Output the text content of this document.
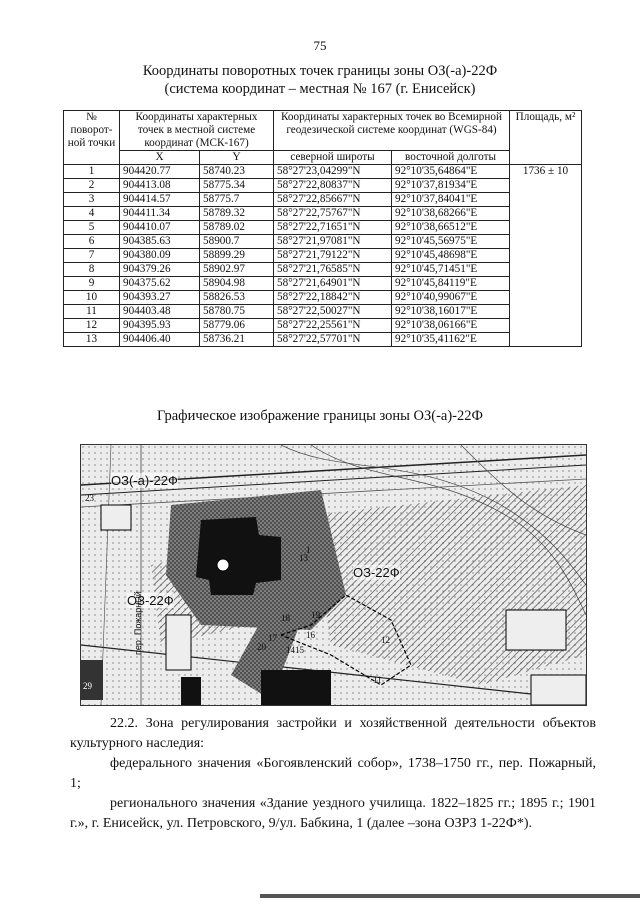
75
Координаты поворотных точек границы зоны ОЗ(-а)-22Ф
(система координат – местная № 167 (г. Енисейск)
№ поворот- ной точки	Координаты характерных точек в местной системе координат (МСК-167)		Координаты характерных точек во Всемирной геодезической системе координат (WGS-84)		Площадь, м²
	X	Y	северной широты	восточной долготы	
1	904420.77	58740.23	58°27'23,04299"N	92°10'35,64864"E	1736 ± 10
2	904413.08	58775.34	58°27'22,80837"N	92°10'37,81934"E	
3	904414.57	58775.7	58°27'22,85667"N	92°10'37,84041"E	
4	904411.34	58789.32	58°27'22,75767"N	92°10'38,68266"E	
5	904410.07	58789.02	58°27'22,71651"N	92°10'38,66512"E	
6	904385.63	58900.7	58°27'21,97081"N	92°10'45,56975"E	
7	904380.09	58899.29	58°27'21,79122"N	92°10'45,48698"E	
8	904379.26	58902.97	58°27'21,76585"N	92°10'45,71451"E	
9	904375.62	58904.98	58°27'21,64901"N	92°10'45,84119"E	
10	904393.27	58826.53	58°27'22,18842"N	92°10'40,99067"E	
11	904403.48	58780.75	58°27'22,50027"N	92°10'38,16017"E	
12	904395.93	58779.06	58°27'22,25561"N	92°10'38,06166"E	
13	904406.40	58736.21	58°27'22,57701"N	92°10'35,41162"E	
Графическое изображение границы зоны ОЗ(-а)-22Ф
ОЗ(-а)-22Ф
ОЗ-22Ф
ОЗ-22Ф
пер. Пожарный
23
29
1
13
14 15
16
17
18 19
20
12
11
22.2. Зона регулирования застройки и хозяйственной деятельности объектов культурного наследия:
федерального значения «Богоявленский собор», 1738–1750 гг., пер. Пожарный, 1;
регионального значения «Здание уездного училища. 1822–1825 гг.; 1895 г.; 1901 г.», г. Енисейск, ул. Петровского, 9/ул. Бабкина, 1 (далее –зона ОЗРЗ 1-22Ф*).
